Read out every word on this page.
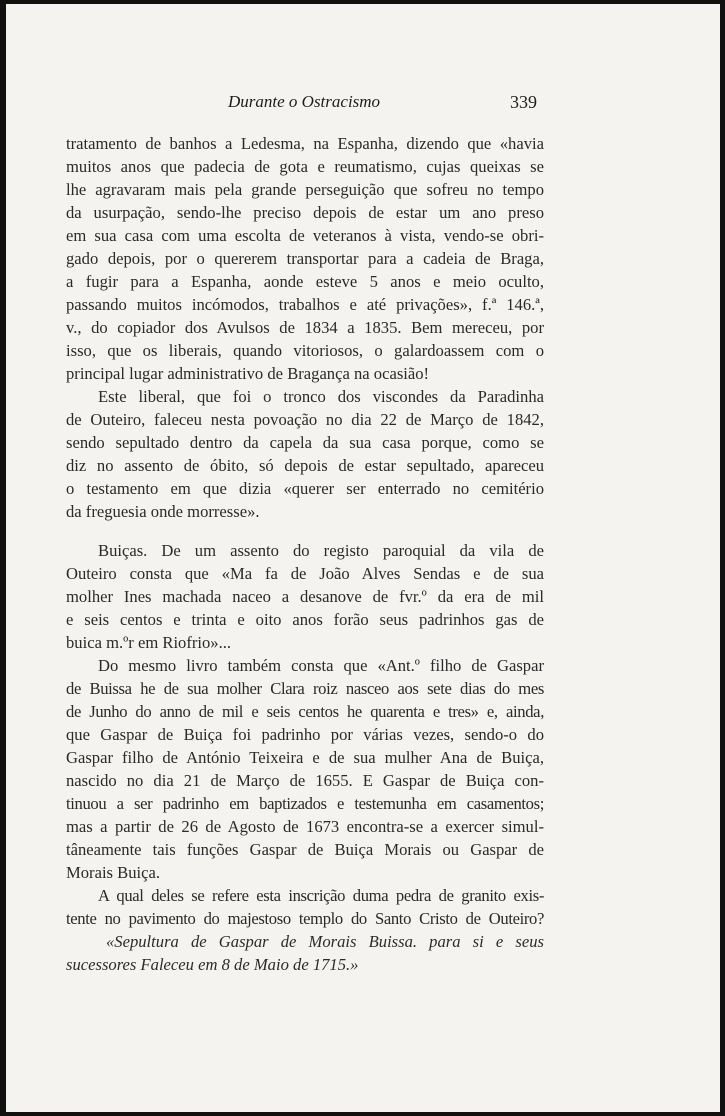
Durante o Ostracismo	339
tratamento de banhos a Ledesma, na Espanha, dizendo que «havia
muitos anos que padecia de gota e reumatismo, cujas queixas se
lhe agravaram mais pela grande perseguição que sofreu no tempo
da usurpação, sendo-lhe preciso depois de estar um ano preso
em sua casa com uma escolta de veteranos à vista, vendo-se obri-
gado depois, por o quererem transportar para a cadeia de Braga,
a fugir para a Espanha, aonde esteve 5 anos e meio oculto,
passando muitos incómodos, trabalhos e até privações», f.ª 146.ª,
v., do copiador dos Avulsos de 1834 a 1835. Bem mereceu, por
isso, que os liberais, quando vitoriosos, o galardoassem com o
principal lugar administrativo de Bragança na ocasião!
Este liberal, que foi o tronco dos viscondes da Paradinha
de Outeiro, faleceu nesta povoação no dia 22 de Março de 1842,
sendo sepultado dentro da capela da sua casa porque, como se
diz no assento de óbito, só depois de estar sepultado, apareceu
o testamento em que dizia «querer ser enterrado no cemitério
da freguesia onde morresse».
Buiças. De um assento do registo paroquial da vila de
Outeiro consta que «Ma fa de João Alves Sendas e de sua
molher Ines machada naceo a desanove de fvr.º da era de mil
e seis centos e trinta e oito anos forão seus padrinhos gas de
buica m.ºr em Riofrio»...
Do mesmo livro também consta que «Ant.º filho de Gaspar
de Buissa he de sua molher Clara roiz nasceo aos sete dias do mes
de Junho do anno de mil e seis centos he quarenta e tres» e, ainda,
que Gaspar de Buiça foi padrinho por várias vezes, sendo-o do
Gaspar filho de António Teixeira e de sua mulher Ana de Buiça,
nascido no dia 21 de Março de 1655. E Gaspar de Buiça con-
tinuou a ser padrinho em baptizados e testemunha em casamentos;
mas a partir de 26 de Agosto de 1673 encontra-se a exercer simul-
tâneamente tais funções Gaspar de Buiça Morais ou Gaspar de
Morais Buiça.
A qual deles se refere esta inscrição duma pedra de granito exis-
tente no pavimento do majestoso templo do Santo Cristo de Outeiro?
«Sepultura de Gaspar de Morais Buissa. para si e seus
sucessores Faleceu em 8 de Maio de 1715.»
